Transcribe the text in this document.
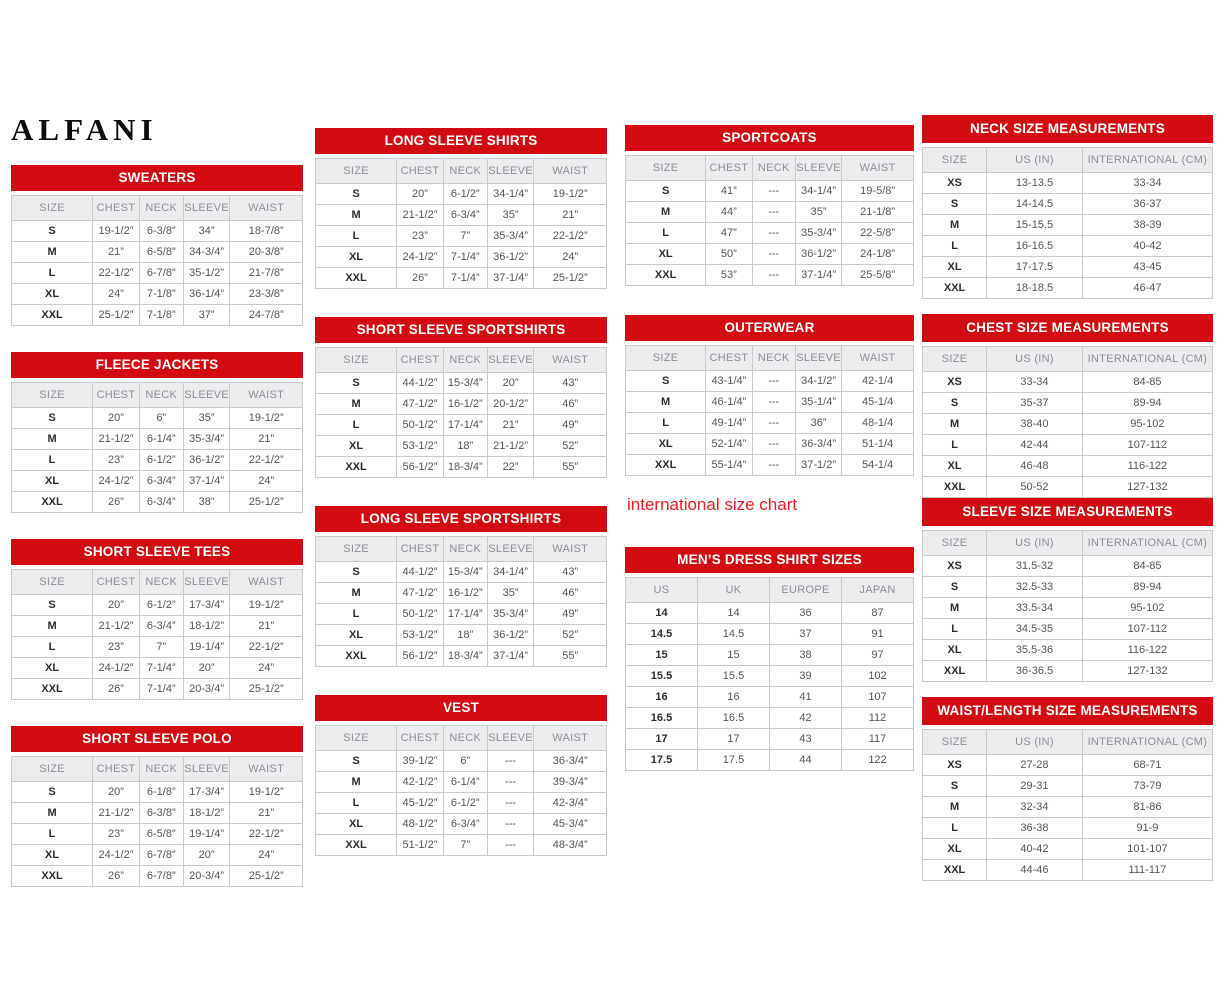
ALFANI
SWEATERS
SIZE	CHEST	NECK	SLEEVE	WAIST
S	19-1/2”	6-3/8”	34”	18-7/8”
M	21”	6-5/8”	34-3/4”	20-3/8”
L	22-1/2”	6-7/8”	35-1/2”	21-7/8”
XL	24”	7-1/8”	36-1/4”	23-3/8”
XXL	25-1/2”	7-1/8”	37”	24-7/8”
FLEECE JACKETS
SIZE	CHEST	NECK	SLEEVE	WAIST
S	20”	6”	35”	19-1/2”
M	21-1/2”	6-1/4”	35-3/4”	21”
L	23”	6-1/2”	36-1/2”	22-1/2”
XL	24-1/2”	6-3/4”	37-1/4”	24”
XXL	26”	6-3/4”	38”	25-1/2”
SHORT SLEEVE TEES
SIZE	CHEST	NECK	SLEEVE	WAIST
S	20”	6-1/2”	17-3/4”	19-1/2”
M	21-1/2”	6-3/4”	18-1/2”	21”
L	23”	7”	19-1/4”	22-1/2”
XL	24-1/2”	7-1/4”	20”	24”
XXL	26”	7-1/4”	20-3/4”	25-1/2”
SHORT SLEEVE POLO
SIZE	CHEST	NECK	SLEEVE	WAIST
S	20”	6-1/8”	17-3/4”	19-1/2”
M	21-1/2”	6-3/8”	18-1/2”	21”
L	23”	6-5/8”	19-1/4”	22-1/2”
XL	24-1/2”	6-7/8”	20”	24”
XXL	26”	6-7/8”	20-3/4”	25-1/2”
LONG SLEEVE SHIRTS
SIZE	CHEST	NECK	SLEEVE	WAIST
S	20”	6-1/2”	34-1/4”	19-1/2”
M	21-1/2”	6-3/4”	35”	21”
L	23”	7”	35-3/4”	22-1/2”
XL	24-1/2”	7-1/4”	36-1/2”	24”
XXL	26”	7-1/4”	37-1/4”	25-1/2”
SHORT SLEEVE SPORTSHIRTS
SIZE	CHEST	NECK	SLEEVE	WAIST
S	44-1/2”	15-3/4”	20”	43”
M	47-1/2”	16-1/2”	20-1/2”	46”
L	50-1/2”	17-1/4”	21”	49”
XL	53-1/2”	18”	21-1/2”	52”
XXL	56-1/2”	18-3/4”	22”	55”
LONG SLEEVE SPORTSHIRTS
SIZE	CHEST	NECK	SLEEVE	WAIST
S	44-1/2”	15-3/4”	34-1/4”	43”
M	47-1/2”	16-1/2”	35”	46”
L	50-1/2”	17-1/4”	35-3/4”	49”
XL	53-1/2”	18”	36-1/2”	52”
XXL	56-1/2”	18-3/4”	37-1/4”	55”
VEST
SIZE	CHEST	NECK	SLEEVE	WAIST
S	39-1/2”	6”	---	36-3/4”
M	42-1/2”	6-1/4”	---	39-3/4”
L	45-1/2”	6-1/2”	---	42-3/4”
XL	48-1/2”	6-3/4”	---	45-3/4”
XXL	51-1/2”	7”	---	48-3/4”
SPORTCOATS
SIZE	CHEST	NECK	SLEEVE	WAIST
S	41”	---	34-1/4”	19-5/8”
M	44”	---	35”	21-1/8”
L	47”	---	35-3/4”	22-5/8”
XL	50”	---	36-1/2”	24-1/8”
XXL	53”	---	37-1/4”	25-5/8”
OUTERWEAR
SIZE	CHEST	NECK	SLEEVE	WAIST
S	43-1/4”	---	34-1/2”	42-1/4
M	46-1/4”	---	35-1/4”	45-1/4
L	49-1/4”	---	36”	48-1/4
XL	52-1/4”	---	36-3/4”	51-1/4
XXL	55-1/4”	---	37-1/2”	54-1/4
international size chart
MEN’S DRESS SHIRT SIZES
US	UK	EUROPE	JAPAN
14	14	36	87
14.5	14.5	37	91
15	15	38	97
15.5	15.5	39	102
16	16	41	107
16.5	16.5	42	112
17	17	43	117
17.5	17.5	44	122
NECK SIZE MEASUREMENTS
SIZE	US (IN)	INTERNATIONAL (CM)
XS	13-13.5	33-34
S	14-14.5	36-37
M	15-15.5	38-39
L	16-16.5	40-42
XL	17-17.5	43-45
XXL	18-18.5	46-47
CHEST SIZE MEASUREMENTS
SIZE	US (IN)	INTERNATIONAL (CM)
XS	33-34	84-85
S	35-37	89-94
M	38-40	95-102
L	42-44	107-112
XL	46-48	116-122
XXL	50-52	127-132
SLEEVE SIZE MEASUREMENTS
SIZE	US (IN)	INTERNATIONAL (CM)
XS	31.5-32	84-85
S	32.5-33	89-94
M	33.5-34	95-102
L	34.5-35	107-112
XL	35.5-36	116-122
XXL	36-36.5	127-132
WAIST/LENGTH SIZE MEASUREMENTS
SIZE	US (IN)	INTERNATIONAL (CM)
XS	27-28	68-71
S	29-31	73-79
M	32-34	81-86
L	36-38	91-9
XL	40-42	101-107
XXL	44-46	111-117
